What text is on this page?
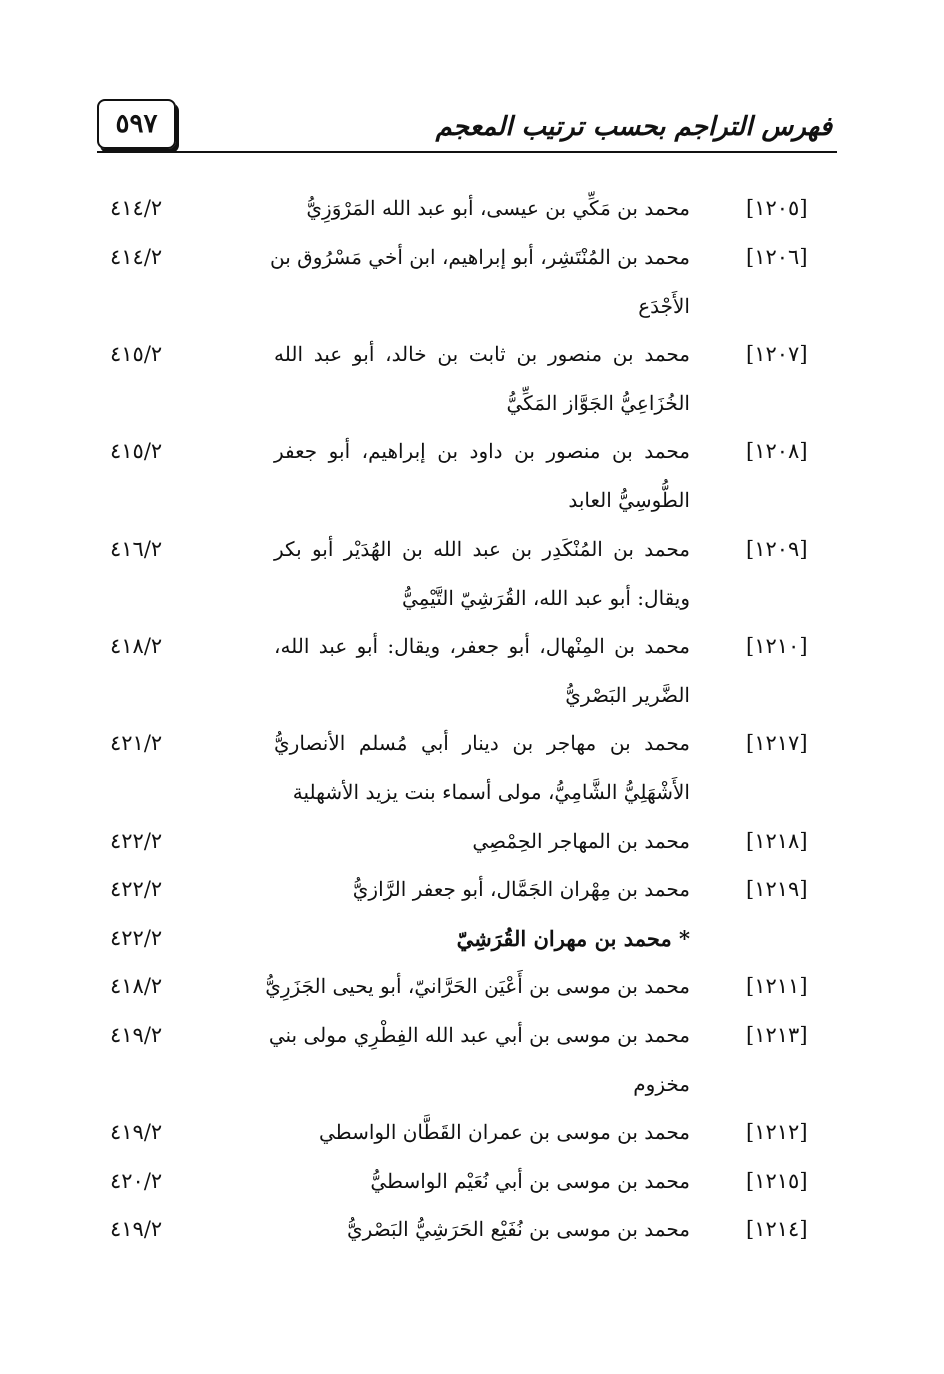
٥٩٧	فهرس التراجم بحسب ترتيب المعجم
[١٢٠٥]
محمد بن مَكِّي بن عيسى، أبو عبد الله المَرْوَزِيُّ
٤١٤/٢
[١٢٠٦]
محمد بن المُنْتَشِر، أبو إبراهيم، ابن أخي مَسْرُوق بن
الأَجْدَع
٤١٤/٢
[١٢٠٧]
محمد بن منصور بن ثابت بن خالد، أبو عبد الله
الخُزَاعِيُّ الجَوَّاز المَكِّيُّ
٤١٥/٢
[١٢٠٨]
محمد بن منصور بن داود بن إبراهيم، أبو جعفر
الطُّوسِيُّ العابد
٤١٥/٢
[١٢٠٩]
محمد بن المُنْكَدِر بن عبد الله بن الهُدَيْر أبو بكر
ويقال: أبو عبد الله، القُرَشِيّ التَّيْمِيُّ
٤١٦/٢
[١٢١٠]
محمد بن المِنْهال، أبو جعفر، ويقال: أبو عبد الله،
الضَّرير البَصْريُّ
٤١٨/٢
[١٢١٧]
محمد بن مهاجر بن دينار أبي مُسلم الأنصاريُّ
الأَشْهَلِيُّ الشَّامِيُّ، مولى أسماء بنت يزيد الأشهلية
٤٢١/٢
[١٢١٨]
محمد بن المهاجر الحِمْصِي
٤٢٢/٢
[١٢١٩]
محمد بن مِهْران الجَمَّال، أبو جعفر الرَّازيُّ
٤٢٢/٢
* محمد بن مهران القُرَشِيّ
٤٢٢/٢
[١٢١١]
محمد بن موسى بن أَعْيَن الحَرَّانيّ، أبو يحيى الجَزَرِيُّ
٤١٨/٢
[١٢١٣]
محمد بن موسى بن أبي عبد الله الفِطْرِي مولى بني
مخزوم
٤١٩/٢
[١٢١٢]
محمد بن موسى بن عمران القَطَّان الواسطي
٤١٩/٢
[١٢١٥]
محمد بن موسى بن أبي نُعَيْم الواسطيُّ
٤٢٠/٢
[١٢١٤]
محمد بن موسى بن نُفَيْع الحَرَشِيُّ البَصْريُّ
٤١٩/٢
